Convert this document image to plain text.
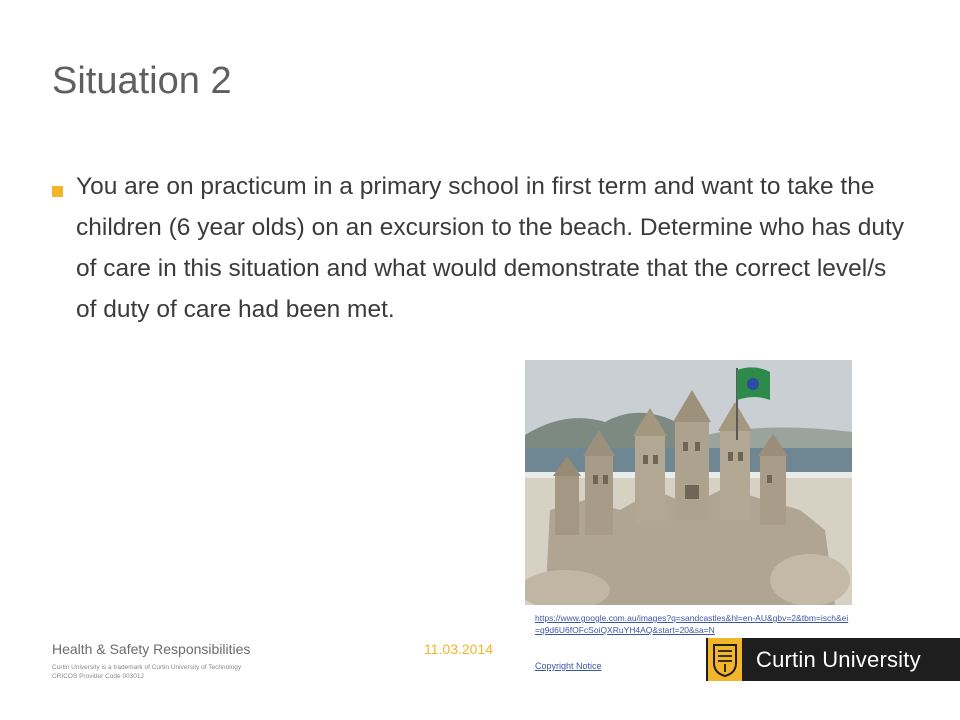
Situation 2

You are on practicum in a primary school in first term and want to take the children (6 year olds) on an excursion to the beach. Determine who has duty of care in this situation and what would demonstrate that the correct level/s of duty of care had been met.

https://www.google.com.au/images?q=sandcastles&hl=en-AU&gbv=2&tbm=isch&ei=q9d6U6fOFcSoiQXRuYH4AQ&start=20&sa=N
Copyright Notice
Health & Safety Responsibilities	11.03.2014
Curtin University is a trademark of Curtin University of Technology
CRICOS Provider Code 00301J
Curtin University
